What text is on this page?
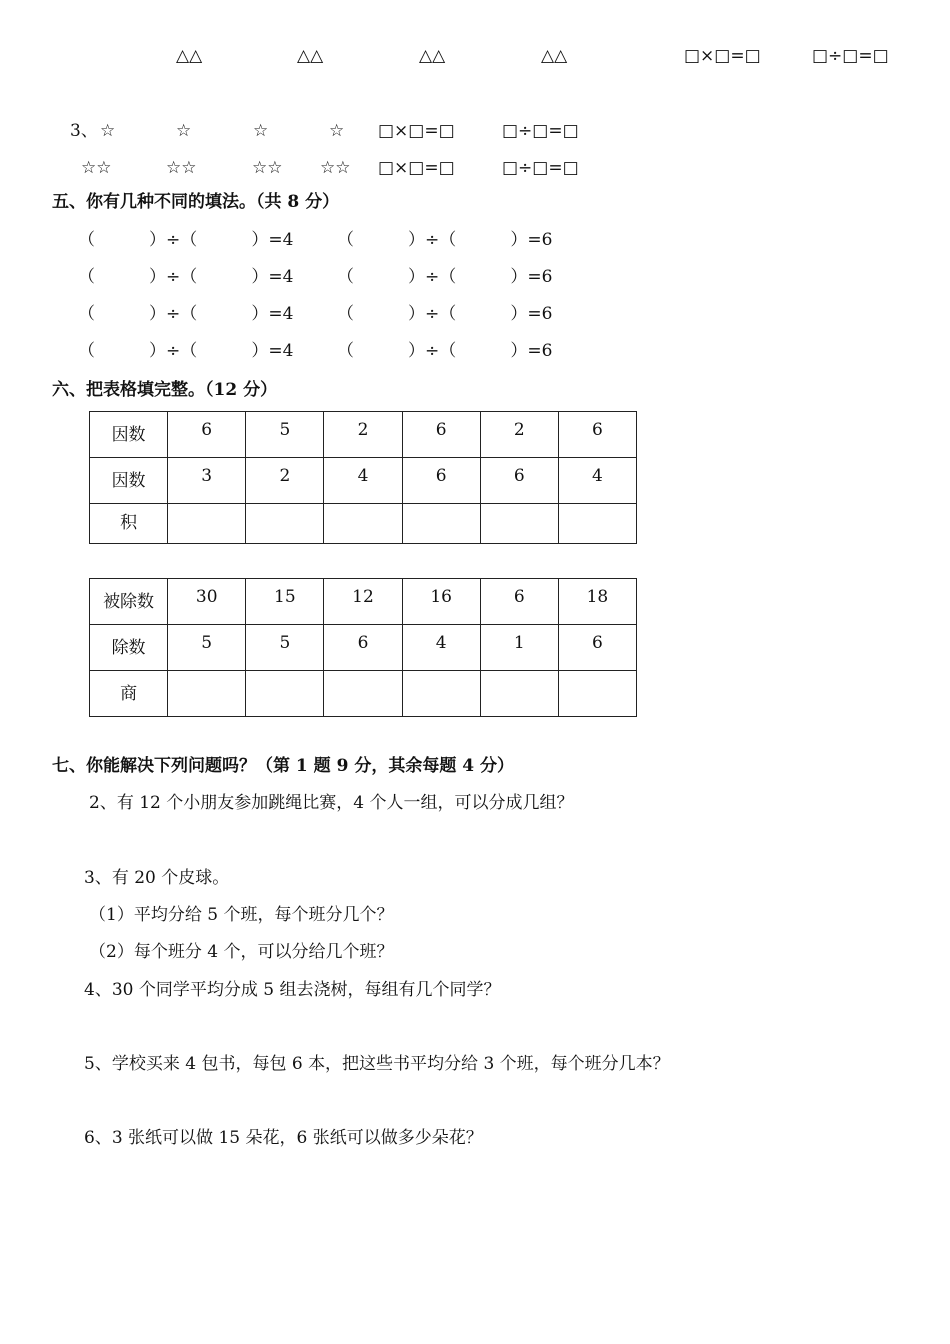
△△	△△	△△	△△	□×□=□	□÷□=□
3、 ☆	☆	☆	☆ □×□=□	□÷□=□
☆☆	☆☆	☆☆ ☆☆ □×□=□	□÷□=□
五、你有几种不同的填法。（共 8 分）
（          ）÷（          ）=4	（          ）÷（          ）=6
（          ）÷（          ）=4	（          ）÷（          ）=6
（          ）÷（          ）=4	（          ）÷（          ）=6
（          ）÷（          ）=4	（          ）÷（          ）=6
六、把表格填完整。（12 分）
因数	6	5	2	6	2	6
因数	3	2	4	6	6	4
积						
被除数	30	15	12	16	6	18
除数	5	5	6	4	1	6
商						
七、你能解决下列问题吗？（第 1 题 9 分，其余每题 4 分）
2、有 12 个小朋友参加跳绳比赛，4 个人一组，可以分成几组？
3、有 20 个皮球。
（1）平均分给 5 个班，每个班分几个？
（2）每个班分 4 个，可以分给几个班？
4、30 个同学平均分成 5 组去浇树，每组有几个同学？
5、学校买来 4 包书，每包 6 本，把这些书平均分给 3 个班，每个班分几本？
6、3 张纸可以做 15 朵花，6 张纸可以做多少朵花？
